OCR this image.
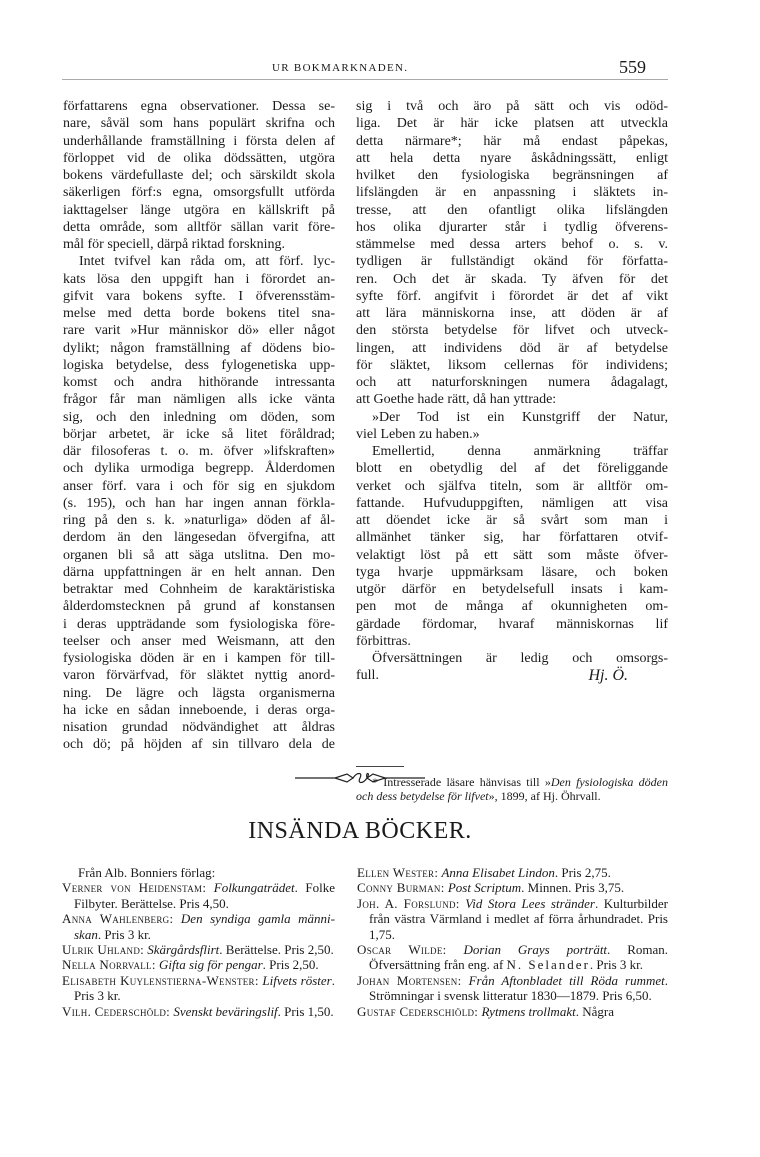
UR BOKMARKNADEN.	559
författarens egna observationer. Dessa se-
nare, såväl som hans populärt skrifna och
underhållande framställning i första delen af
förloppet vid de olika dödssätten, utgöra
bokens värdefullaste del; och särskildt skola
säkerligen förf:s egna, omsorgsfullt utförda
iakttagelser länge utgöra en källskrift på
detta område, som alltför sällan varit före-
mål för speciell, därpå riktad forskning.
Intet tvifvel kan råda om, att förf. lyc-
kats lösa den uppgift han i förordet an-
gifvit vara bokens syfte. I öfverensstäm-
melse med detta borde bokens titel sna-
rare varit »Hur människor dö» eller något
dylikt; någon framställning af dödens bio-
logiska betydelse, dess fylogenetiska upp-
komst och andra hithörande intressanta
frågor får man nämligen alls icke vänta
sig, och den inledning om döden, som
börjar arbetet, är icke så litet föråldrad;
där filosoferas t. o. m. öfver »lifskraften»
och dylika urmodiga begrepp. Ålderdomen
anser förf. vara i och för sig en sjukdom
(s. 195), och han har ingen annan förkla-
ring på den s. k. »naturliga» döden af ål-
derdom än den längesedan öfvergifna, att
organen bli så att säga utslitna. Den mo-
därna uppfattningen är en helt annan. Den
betraktar med Cohnheim de karaktäristiska
ålderdomstecknen på grund af konstansen
i deras uppträdande som fysiologiska före-
teelser och anser med Weismann, att den
fysiologiska döden är en i kampen för till-
varon förvärfvad, för släktet nyttig anord-
ning. De lägre och lägsta organismerna
ha icke en sådan inneboende, i deras orga-
nisation grundad nödvändighet att åldras
och dö; på höjden af sin tillvaro dela de
sig i två och äro på sätt och vis odöd-
liga. Det är här icke platsen att utveckla
detta närmare*; här må endast påpekas,
att hela detta nyare åskådningssätt, enligt
hvilket den fysiologiska begränsningen af
lifslängden är en anpassning i släktets in-
tresse, att den ofantligt olika lifslängden
hos olika djurarter står i tydlig öfverens-
stämmelse med dessa arters behof o. s. v.
tydligen är fullständigt okänd för författa-
ren. Och det är skada. Ty äfven för det
syfte förf. angifvit i förordet är det af vikt
att lära människorna inse, att döden är af
den största betydelse för lifvet och utveck-
lingen, att individens död är af betydelse
för släktet, liksom cellernas för individens;
och att naturforskningen numera ådagalagt,
att Goethe hade rätt, då han yttrade:
»Der Tod ist ein Kunstgriff der Natur,
viel Leben zu haben.»
Emellertid, denna anmärkning träffar
blott en obetydlig del af det föreliggande
verket och själfva titeln, som är alltför om-
fattande. Hufvuduppgiften, nämligen att visa
att döendet icke är så svårt som man i
allmänhet tänker sig, har författaren otvif-
velaktigt löst på ett sätt som måste öfver-
tyga hvarje uppmärksam läsare, och boken
utgör därför en betydelsefull insats i kam-
pen mot de många af okunnigheten om-
gärdade fördomar, hvaraf människornas lif
förbittras.
Öfversättningen är ledig och omsorgs-
full.	Hj. Ö.
* Intresserade läsare hänvisas till »Den fysiologiska döden och dess betydelse för lifvet», 1899, af Hj. Öhrvall.
INSÄNDA BÖCKER.
Från Alb. Bonniers förlag:
Verner von Heidenstam: Folkungaträdet. Folke Filbyter. Berättelse. Pris 4,50.
Anna Wahlenberg: Den syndiga gamla männi-skan. Pris 3 kr.
Ulrik Uhland: Skärgårdsflirt. Berättelse. Pris 2,50.
Nella Norrvall: Gifta sig för pengar. Pris 2,50.
Elisabeth Kuylenstierna-Wenster: Lifvets röster. Pris 3 kr.
Vilh. Cederschöld: Svenskt beväringslif. Pris 1,50.
Ellen Wester: Anna Elisabet Lindon. Pris 2,75.
Conny Burman: Post Scriptum. Minnen. Pris 3,75.
Joh. A. Forslund: Vid Stora Lees stränder. Kulturbilder från västra Värmland i medlet af förra århundradet. Pris 1,75.
Oscar Wilde: Dorian Grays porträtt. Roman. Öfversättning från eng. af N. Selander. Pris 3 kr.
Johan Mortensen: Från Aftonbladet till Röda rummet. Strömningar i svensk litteratur 1830—1879. Pris 6,50.
Gustaf Cederschiöld: Rytmens trollmakt. Några
